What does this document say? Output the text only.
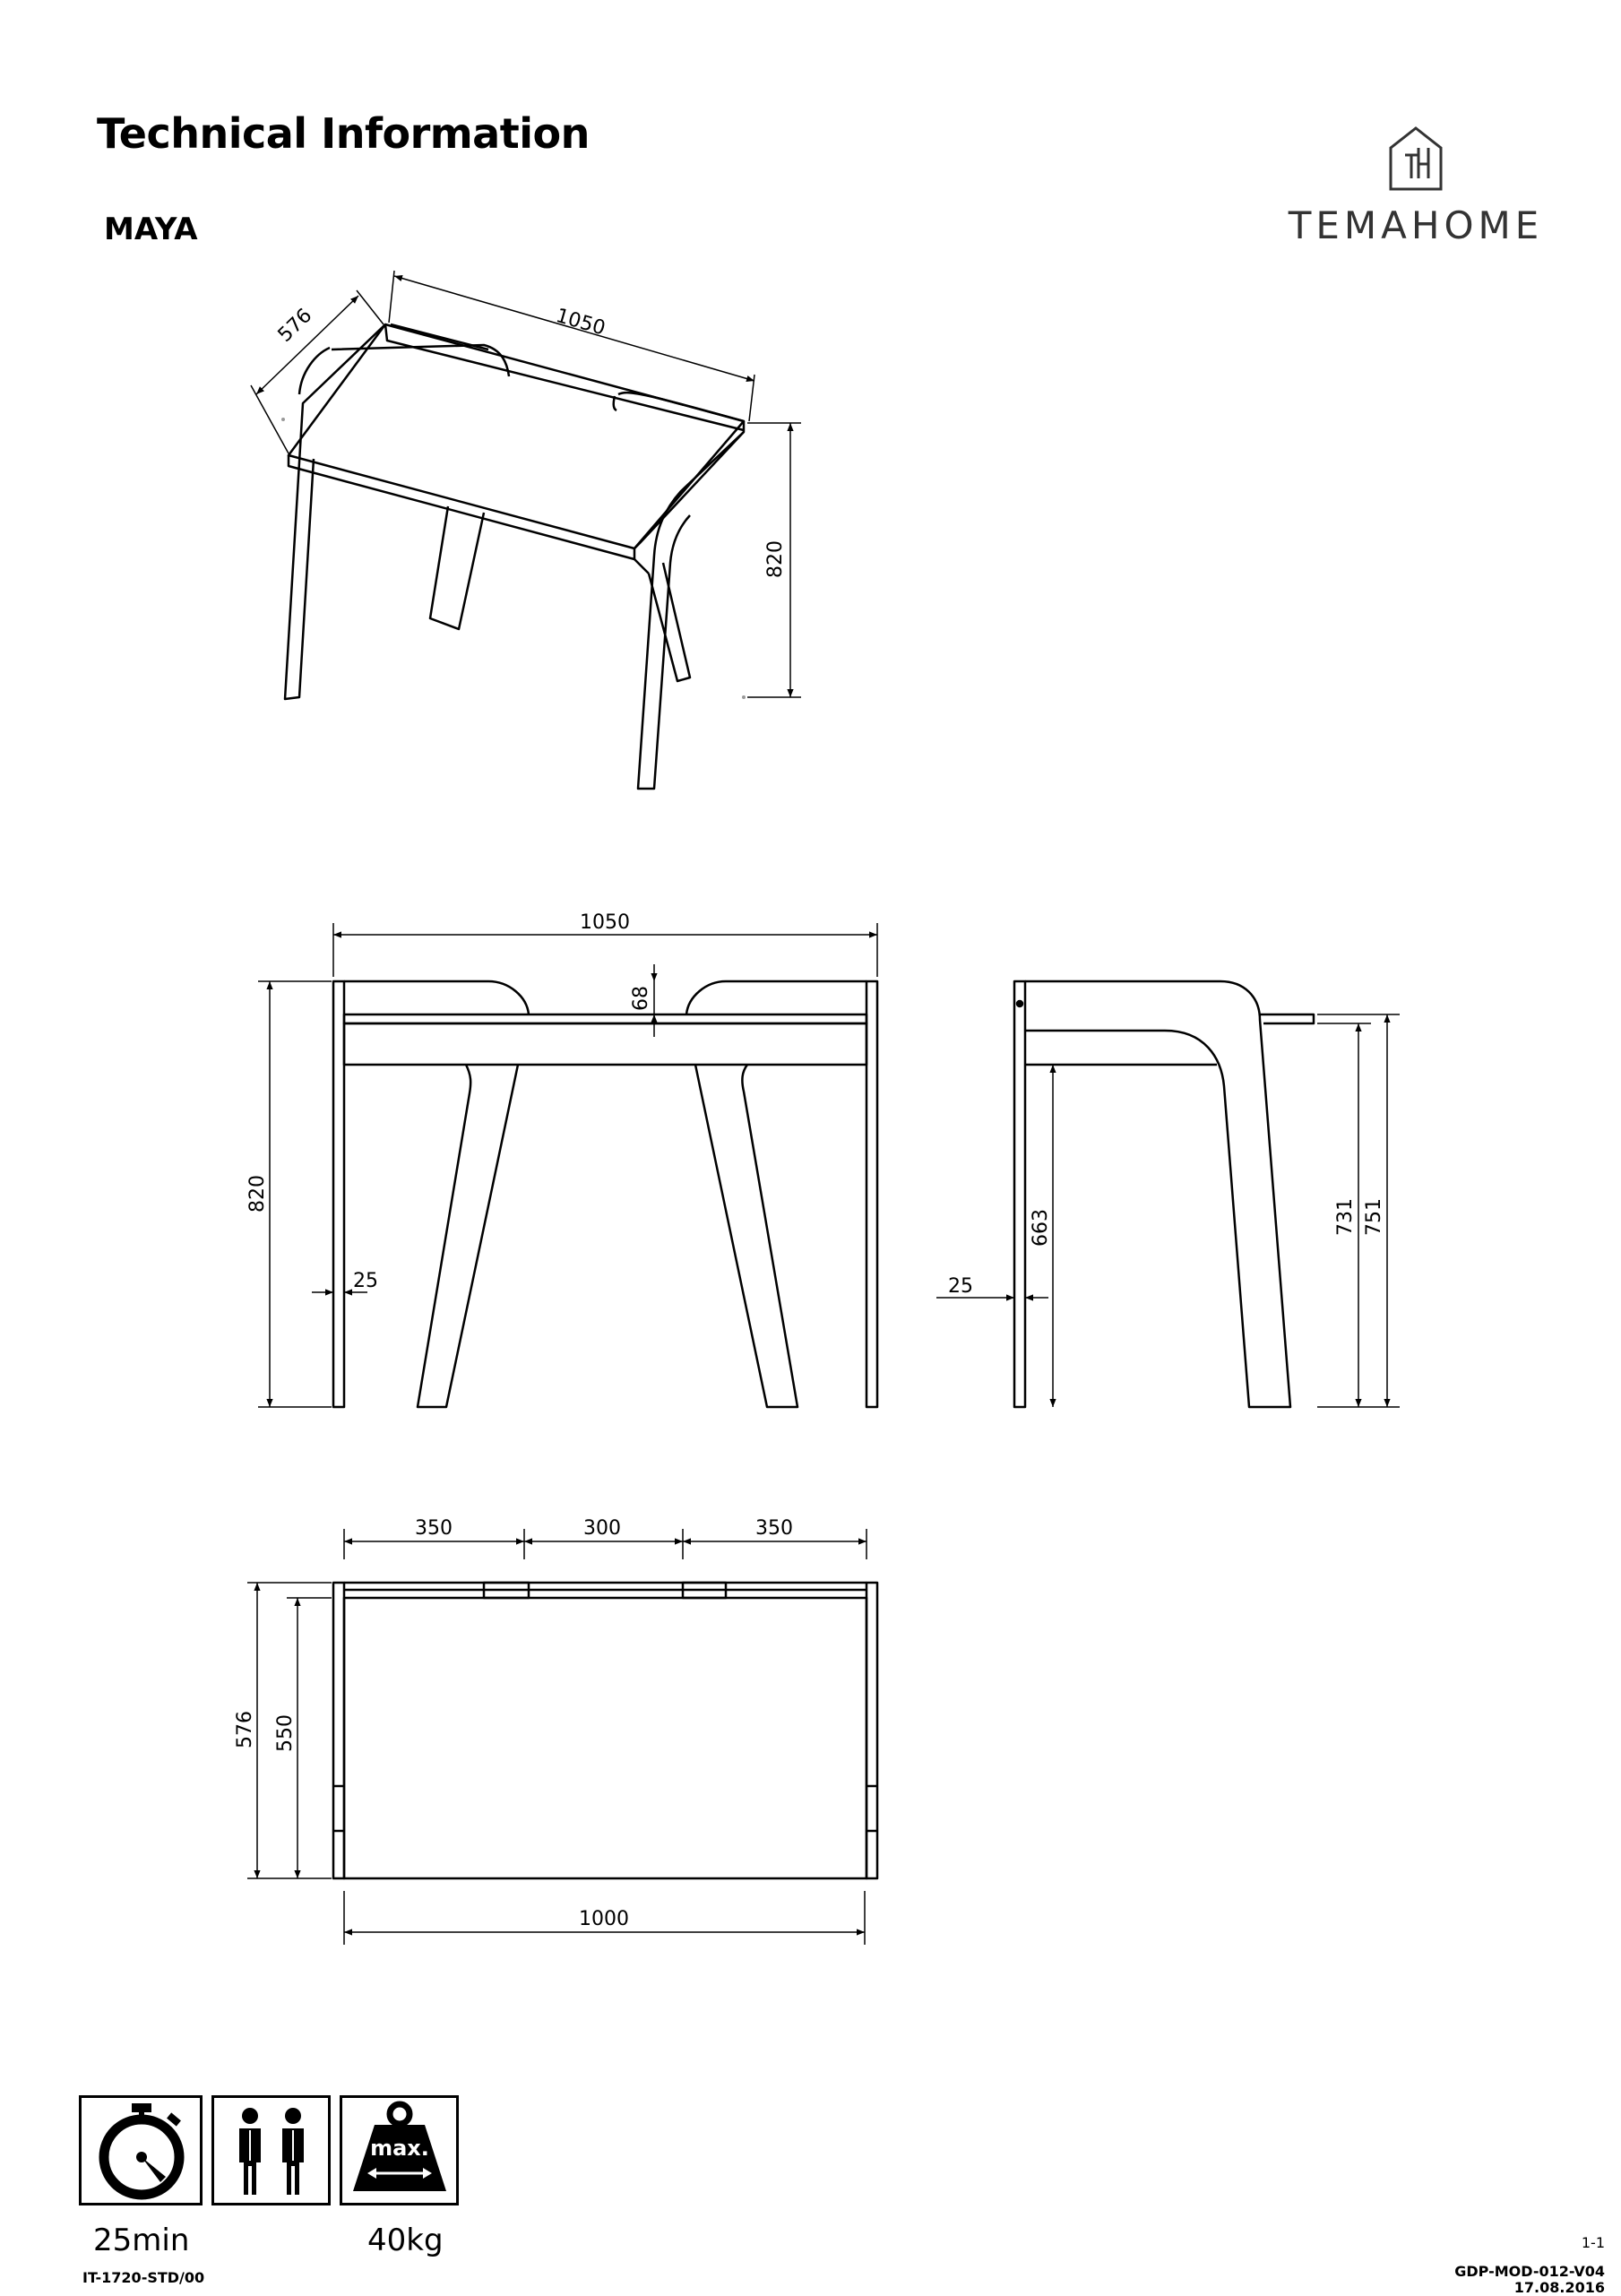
Technical Information
MAYA	TEMAHOME
1050
576
820
1050
820
68
25	25
663	731 751
350	300	350
576 550
1000
max.
25min	40kg
IT-1720-STD/00
1-1
GDP-MOD-012-V04
17.08.2016
